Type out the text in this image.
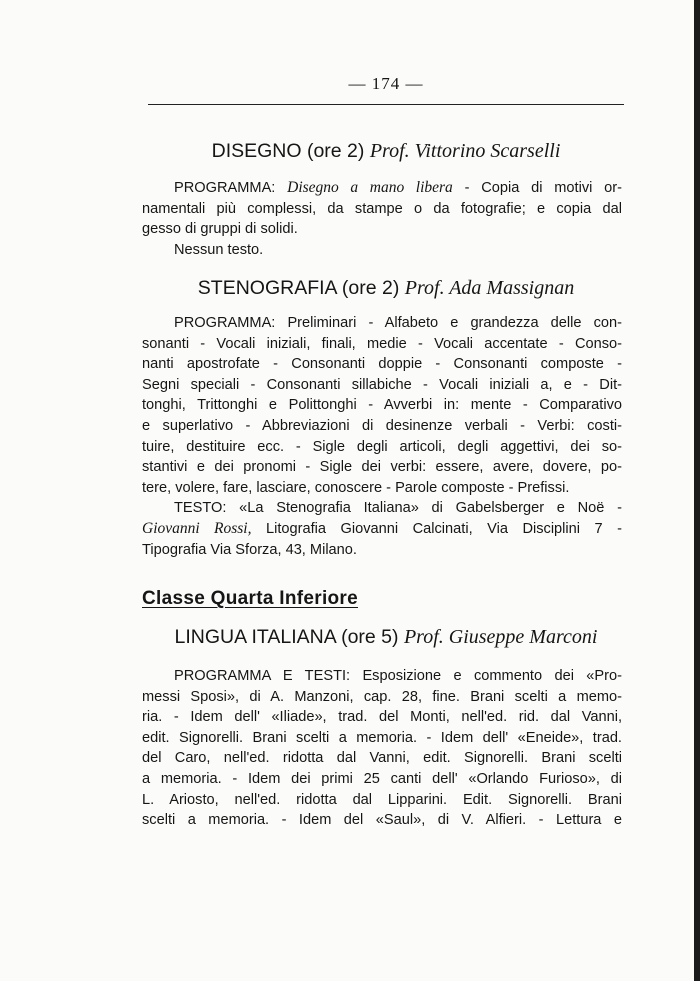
— 174 —
DISEGNO (ore 2) Prof. Vittorino Scarselli
PROGRAMMA: Disegno a mano libera - Copia di motivi or-
namentali più complessi, da stampe o da fotografie; e copia dal
gesso di gruppi di solidi.
Nessun testo.
STENOGRAFIA (ore 2) Prof. Ada Massignan
PROGRAMMA: Preliminari - Alfabeto e grandezza delle con-
sonanti - Vocali iniziali, finali, medie - Vocali accentate - Conso-
nanti apostrofate - Consonanti doppie - Consonanti composte -
Segni speciali - Consonanti sillabiche - Vocali iniziali a, e - Dit-
tonghi, Trittonghi e Polittonghi - Avverbi in: mente - Comparativo
e superlativo - Abbreviazioni di desinenze verbali - Verbi: costi-
tuire, destituire ecc. - Sigle degli articoli, degli aggettivi, dei so-
stantivi e dei pronomi - Sigle dei verbi: essere, avere, dovere, po-
tere, volere, fare, lasciare, conoscere - Parole composte - Prefissi.
TESTO: «La Stenografia Italiana» di Gabelsberger e Noë -
Giovanni Rossi, Litografia Giovanni Calcinati, Via Disciplini 7 -
Tipografia Via Sforza, 43, Milano.
Classe Quarta Inferiore
LINGUA ITALIANA (ore 5) Prof. Giuseppe Marconi
PROGRAMMA E TESTI: Esposizione e commento dei «Pro-
messi Sposi», di A. Manzoni, cap. 28, fine. Brani scelti a memo-
ria. - Idem dell' «Iliade», trad. del Monti, nell'ed. rid. dal Vanni,
edit. Signorelli. Brani scelti a memoria. - Idem dell' «Eneide», trad.
del Caro, nell'ed. ridotta dal Vanni, edit. Signorelli. Brani scelti
a memoria. - Idem dei primi 25 canti dell' «Orlando Furioso», di
L. Ariosto, nell'ed. ridotta dal Lipparini. Edit. Signorelli. Brani
scelti a memoria. - Idem del «Saul», di V. Alfieri. - Lettura e
